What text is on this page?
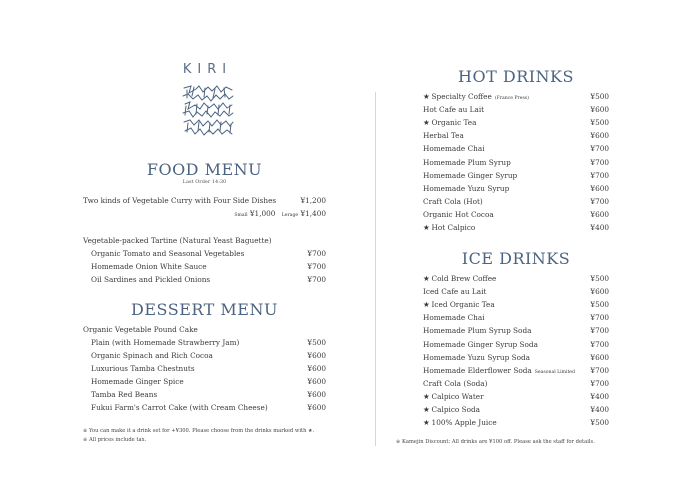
KIRI
FOOD MENU
Last Order 14:30
Two kinds of Vegetable Curry with Four Side Dishes	¥1,200
Small ¥1,000 Lerage ¥1,400
Vegetable-packed Tartine (Natural Yeast Baguette)
Organic Tomato and Seasonal Vegetables	¥700
Homemade Onion White Sauce	¥700
Oil Sardines and Pickled Onions	¥700
DESSERT MENU
Organic Vegetable Pound Cake
Plain (with Homemade Strawberry Jam)	¥500
Organic Spinach and Rich Cocoa	¥600
Luxurious Tamba Chestnuts	¥600
Homemade Ginger Spice	¥600
Tamba Red Beans	¥600
Fukui Farm's Carrot Cake (with Cream Cheese)	¥600
※ You can make it a drink set for +¥300. Please choose from the drinks marked with ★.
※ All prices include tax.
HOT DRINKS
★ Specialty Coffee (France Press)	¥500
Hot Cafe au Lait	¥600
★ Organic Tea	¥500
Herbal Tea	¥600
Homemade Chai	¥700
Homemade Plum Syrup	¥700
Homemade Ginger Syrup	¥700
Homemade Yuzu Syrup	¥600
Craft Cola (Hot)	¥700
Organic Hot Cocoa	¥600
★ Hot Calpico	¥400
ICE DRINKS
★ Cold Brew Coffee	¥500
Iced Cafe au Lait	¥600
★ Iced Organic Tea	¥500
Homemade Chai	¥700
Homemade Plum Syrup Soda	¥700
Homemade Ginger Syrup Soda	¥700
Homemade Yuzu Syrup Soda	¥600
Homemade Elderflower Soda Seasonal Limited ¥700
Craft Cola (Soda)	¥700
★ Calpico Water	¥400
★ Calpico Soda	¥400
★ 100% Apple Juice	¥500
※ Kamejin Discount: All drinks are ¥100 off. Please ask the staff for details.
